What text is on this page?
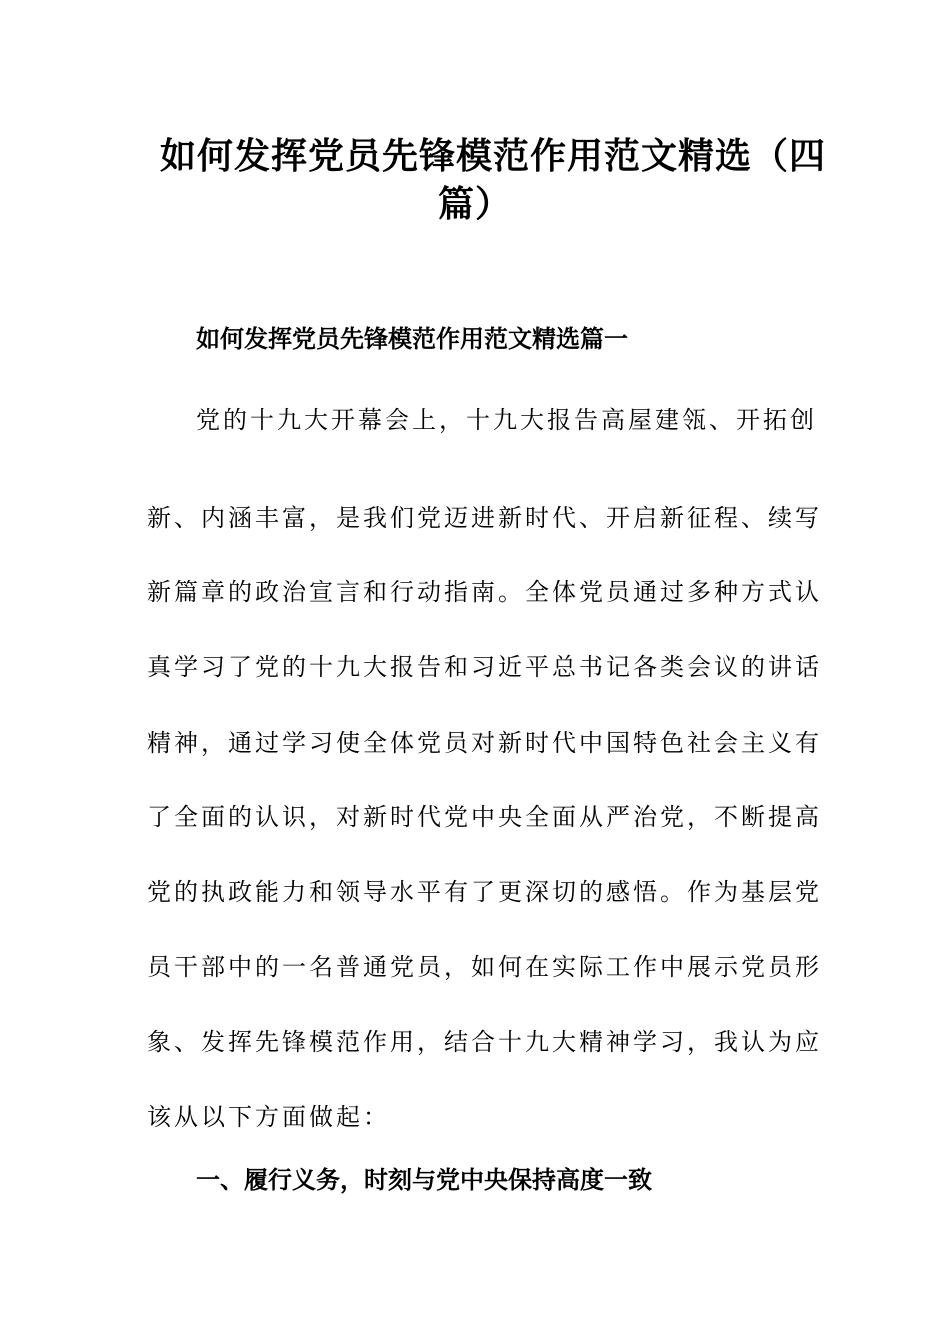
如何发挥党员先锋模范作用范文精选（四
篇）
如何发挥党员先锋模范作用范文精选篇一
党的十九大开幕会上，十九大报告高屋建瓴、开拓创
新、内涵丰富，是我们党迈进新时代、开启新征程、续写
新篇章的政治宣言和行动指南。全体党员通过多种方式认
真学习了党的十九大报告和习近平总书记各类会议的讲话
精神，通过学习使全体党员对新时代中国特色社会主义有
了全面的认识，对新时代党中央全面从严治党，不断提高
党的执政能力和领导水平有了更深切的感悟。作为基层党
员干部中的一名普通党员，如何在实际工作中展示党员形
象、发挥先锋模范作用，结合十九大精神学习，我认为应
该从以下方面做起：
一、履行义务，时刻与党中央保持高度一致
